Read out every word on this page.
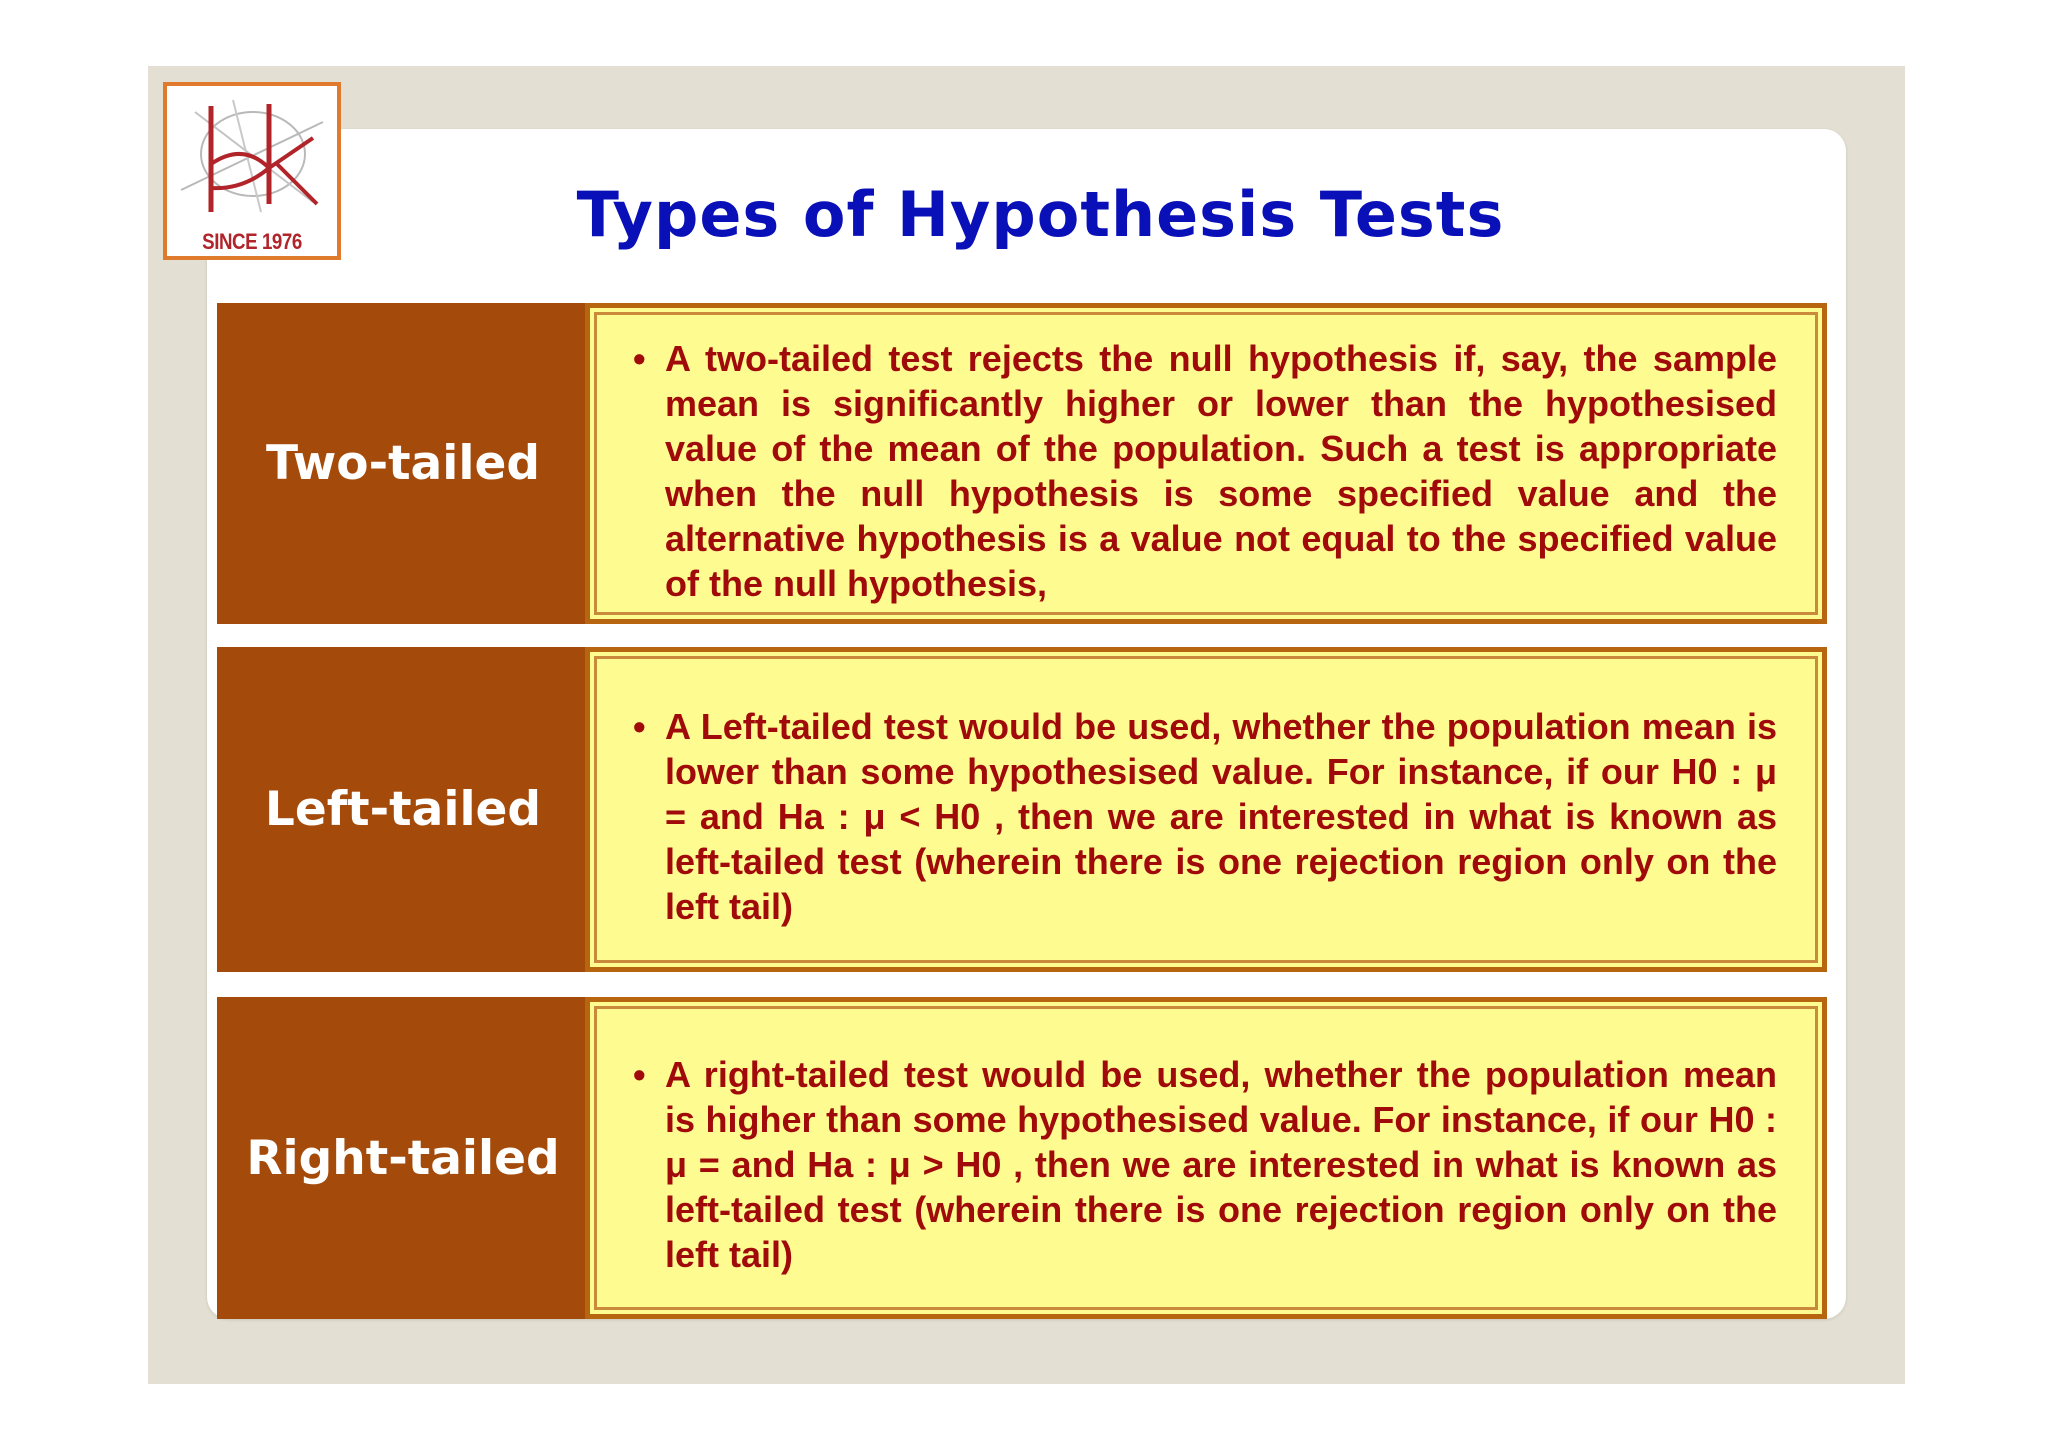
SINCE 1976	Types of Hypothesis Tests
Two-tailed

• A two-tailed test rejects the null hypothesis if, say, the sample mean is significantly higher or lower than the hypothesised value of the mean of the population. Such a test is appropriate when the null hypothesis is some specified value and the alternative hypothesis is a value not equal to the specified value of the null hypothesis,

Left-tailed

• A Left-tailed test would be used, whether the population mean is lower than some hypothesised value. For instance, if our H0 : μ = and Ha : μ < H0 , then we are interested in what is known as left-tailed test (wherein there is one rejection region only on the left tail)

Right-tailed

• A right-tailed test would be used, whether the population mean is higher than some hypothesised value. For instance, if our H0 : μ = and Ha : μ > H0 , then we are interested in what is known as left-tailed test (wherein there is one rejection region only on the left tail)
